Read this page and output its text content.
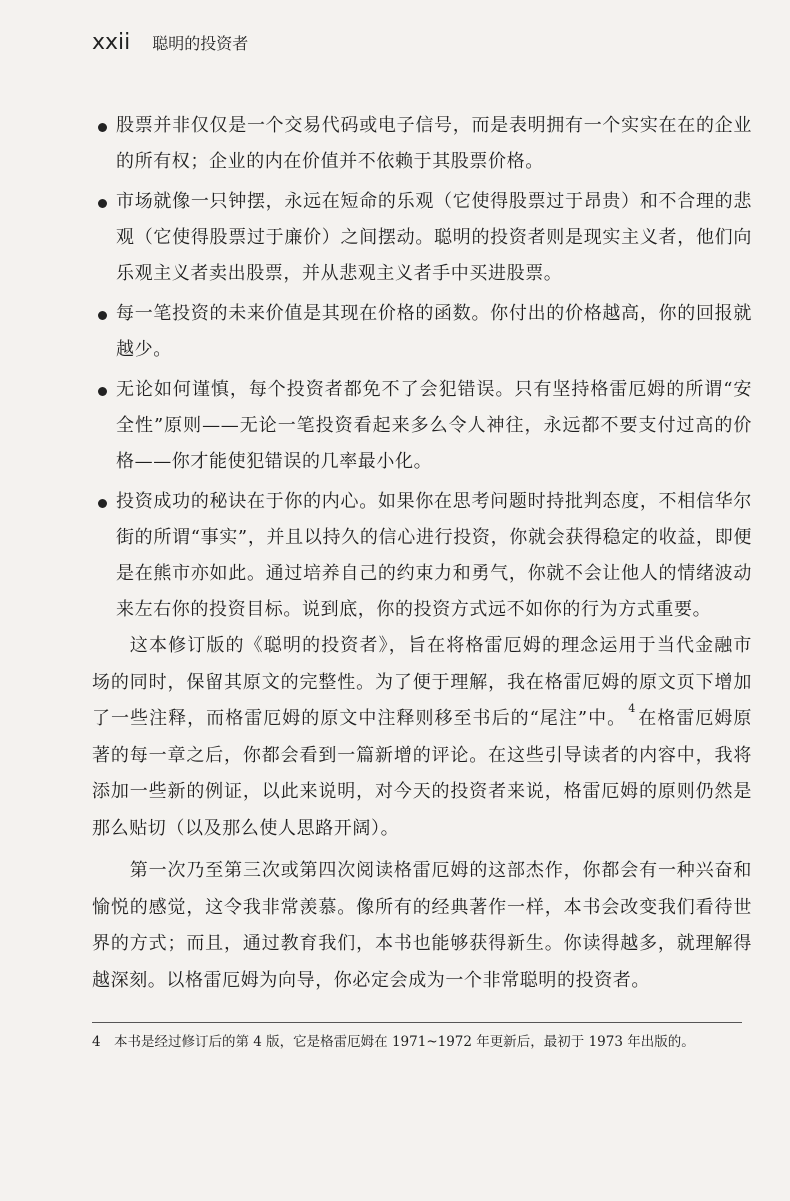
xxii 聪明的投资者
股票并非仅仅是一个交易代码或电子信号，而是表明拥有一个实实在在的企业的所有权；企业的内在价值并不依赖于其股票价格。
市场就像一只钟摆，永远在短命的乐观（它使得股票过于昂贵）和不合理的悲观（它使得股票过于廉价）之间摆动。聪明的投资者则是现实主义者，他们向乐观主义者卖出股票，并从悲观主义者手中买进股票。
每一笔投资的未来价值是其现在价格的函数。你付出的价格越高，你的回报就越少。
无论如何谨慎，每个投资者都免不了会犯错误。只有坚持格雷厄姆的所谓“安全性”原则——无论一笔投资看起来多么令人神往，永远都不要支付过高的价格——你才能使犯错误的几率最小化。
投资成功的秘诀在于你的内心。如果你在思考问题时持批判态度，不相信华尔街的所谓“事实”，并且以持久的信心进行投资，你就会获得稳定的收益，即便是在熊市亦如此。通过培养自己的约束力和勇气，你就不会让他人的情绪波动来左右你的投资目标。说到底，你的投资方式远不如你的行为方式重要。

这本修订版的《聪明的投资者》，旨在将格雷厄姆的理念运用于当代金融市场的同时，保留其原文的完整性。为了便于理解，我在格雷厄姆的原文页下增加了一些注释，而格雷厄姆的原文中注释则移至书后的“尾注”中。 $^4$ 在格雷厄姆原著的每一章之后，你都会看到一篇新增的评论。在这些引导读者的内容中，我将添加一些新的例证，以此来说明，对今天的投资者来说，格雷厄姆的原则仍然是那么贴切（以及那么使人思路开阔）。

第一次乃至第三次或第四次阅读格雷厄姆的这部杰作，你都会有一种兴奋和愉悦的感觉，这令我非常羡慕。像所有的经典著作一样，本书会改变我们看待世界的方式；而且，通过教育我们，本书也能够获得新生。你读得越多，就理解得越深刻。以格雷厄姆为向导，你必定会成为一个非常聪明的投资者。

4 本书是经过修订后的第 4 版，它是格雷厄姆在 1971~1972 年更新后，最初于 1973 年出版的。
